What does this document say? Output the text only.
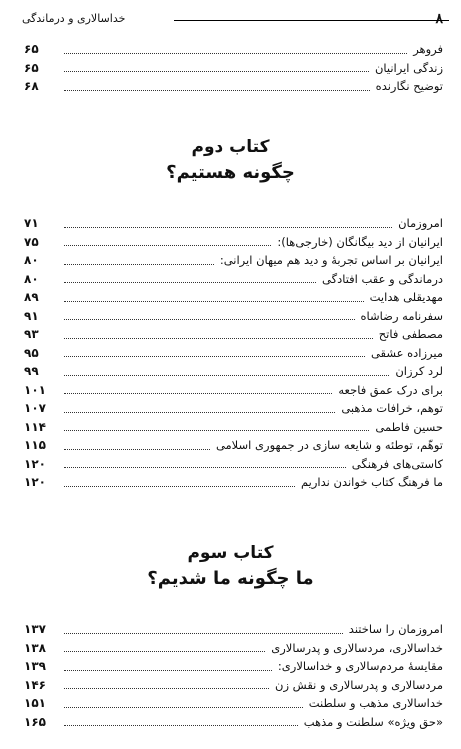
۸
خداسالاری و درماندگی
فروهر
۶۵
زندگی ایرانیان
۶۵
توضیح نگارنده
۶۸
کتاب دوم
چگونه هستیم؟
امروزمان
۷۱
ایرانیان از دید بیگانگان (خارجی‌ها):
۷۵
ایرانیان بر اساس تجربهٔ و دید هم میهان ایرانی:
۸۰
درماندگی و عقب افتادگی
۸۰
مهدیقلی هدایت
۸۹
سفرنامه رضاشاه
۹۱
مصطفی فاتح
۹۳
میرزاده عشقی
۹۵
لرد کرزان
۹۹
برای درک عمق فاجعه
۱۰۱
توهم، خرافات مذهبی
۱۰۷
حسین فاطمی
۱۱۴
توهّم، توطئه و شایعه سازی در جمهوری اسلامی
۱۱۵
کاستی‌های فرهنگی
۱۲۰
ما فرهنگ کتاب خواندن نداریم
۱۲۰
کتاب سوم
ما چگونه ما شدیم؟
امروزمان را ساختند
۱۳۷
خداسالاری، مردسالاری و پدرسالاری
۱۳۸
مقایسهٔ مردم‌سالاری و خداسالاری:
۱۳۹
مردسالاری و پدرسالاری و نقش زن
۱۴۶
خداسالاری مذهب و سلطنت
۱۵۱
«حق ویژه» سلطنت و مذهب
۱۶۵
